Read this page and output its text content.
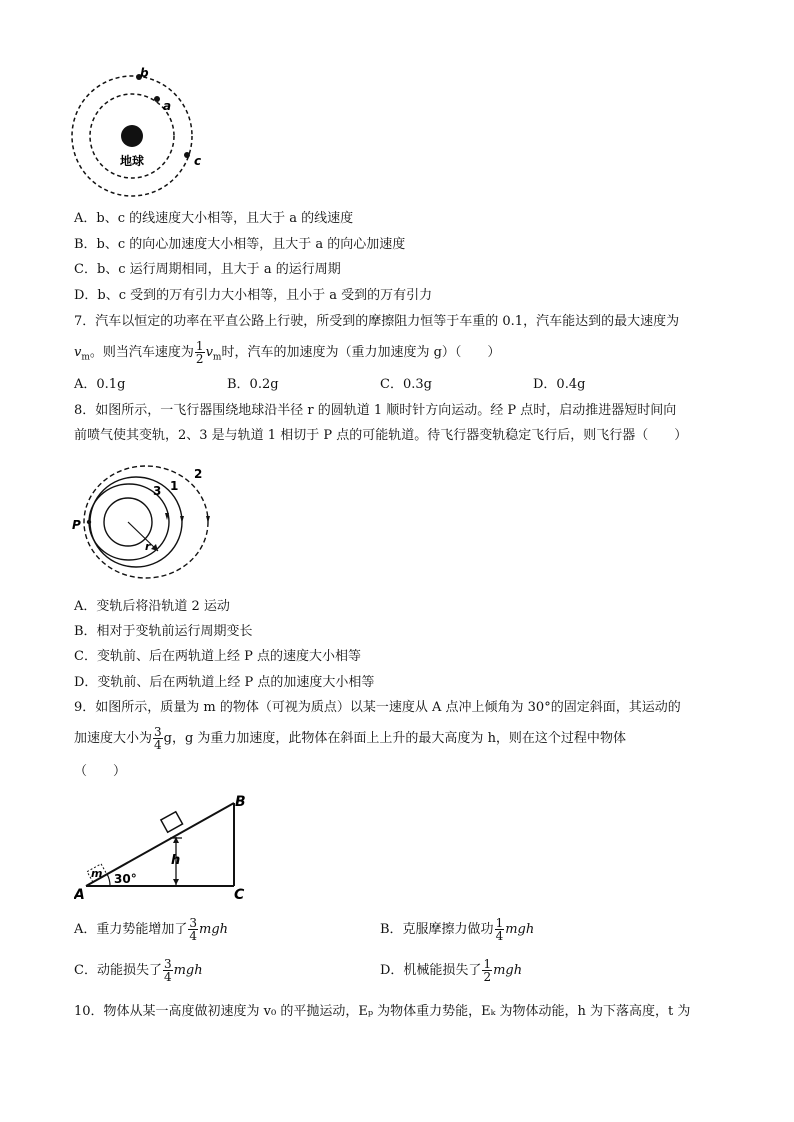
地球
b
a
c
A．b、c 的线速度大小相等，且大于 a 的线速度
B．b、c 的向心加速度大小相等，且大于 a 的向心加速度
C．b、c 运行周期相同，且大于 a 的运行周期
D．b、c 受到的万有引力大小相等，且小于 a 受到的万有引力
7．汽车以恒定的功率在平直公路上行驶，所受到的摩擦阻力恒等于车重的 0.1，汽车能达到的最大速度为
$v_m$。则当汽车速度为 $\frac{1}{2} v_m$时，汽车的加速度为（重力加速度为 g）（　　）
A．0.1g	B．0.2g	C．0.3g	D．0.4g
8．如图所示，一飞行器围绕地球沿半径 r 的圆轨道 1 顺时针方向运动。经 P 点时，启动推进器短时间向
前喷气使其变轨，2、3 是与轨道 1 相切于 P 点的可能轨道。待飞行器变轨稳定飞行后，则飞行器（　　）
P
r
1
2
3
A．变轨后将沿轨道 2 运动
B．相对于变轨前运行周期变长
C．变轨前、后在两轨道上经 P 点的速度大小相等
D．变轨前、后在两轨道上经 P 点的加速度大小相等
9．如图所示，质量为 m 的物体（可视为质点）以某一速度从 A 点冲上倾角为 30°的固定斜面，其运动的
加速度大小为 $\frac{3}{4}$ g，g 为重力加速度，此物体在斜面上上升的最大高度为 h，则在这个过程中物体
（　　）
h
30°
m
A
B
C
A．重力势能增加了 $\frac{3}{4}$ mgh	B．克服摩擦力做功 $\frac{1}{4}$ mgh
C．动能损失了 $\frac{3}{4}$ mgh	D．机械能损失了 $\frac{1}{2}$ mgh
10．物体从某一高度做初速度为 v₀ 的平抛运动，Eₚ 为物体重力势能，Eₖ 为物体动能，h 为下落高度，t 为
